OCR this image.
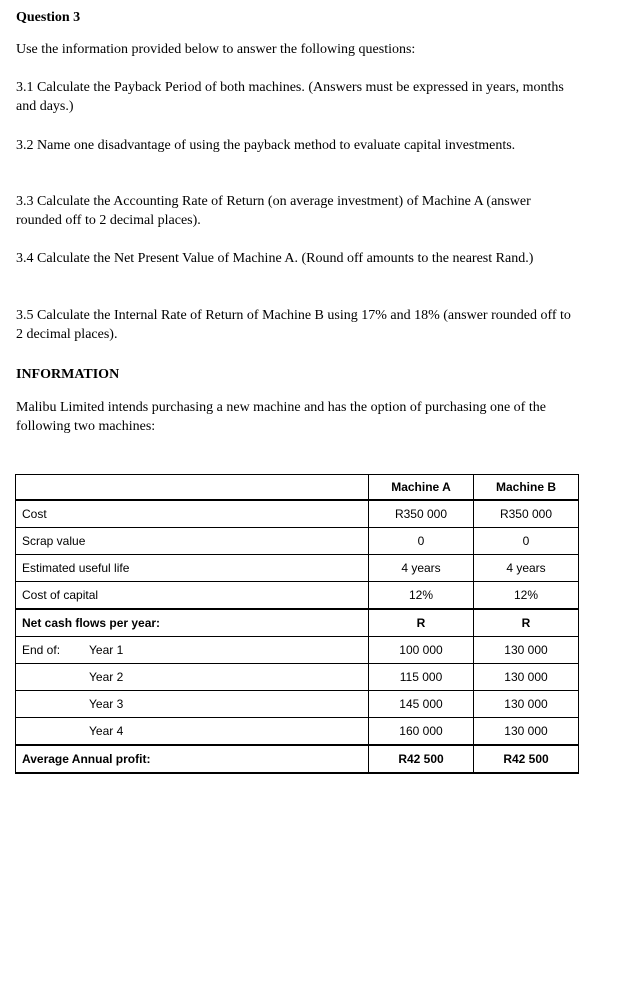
Question 3
Use the information provided below to answer the following questions:
3.1 Calculate the Payback Period of both machines. (Answers must be expressed in years, months and days.)
3.2 Name one disadvantage of using the payback method to evaluate capital investments.
3.3 Calculate the Accounting Rate of Return (on average investment) of Machine A (answer rounded off to 2 decimal places).
3.4 Calculate the Net Present Value of Machine A. (Round off amounts to the nearest Rand.)
3.5 Calculate the Internal Rate of Return of Machine B using 17% and 18% (answer rounded off to 2 decimal places).
INFORMATION
Malibu Limited intends purchasing a new machine and has the option of purchasing one of the following two machines:
	Machine A	Machine B
Cost	R350 000	R350 000
Scrap value	0	0
Estimated useful life	4 years	4 years
Cost of capital	12%	12%
Net cash flows per year:	R	R
End of: Year 1	100 000	130 000
Year 2	115 000	130 000
Year 3	145 000	130 000
Year 4	160 000	130 000
Average Annual profit:	R42 500	R42 500
